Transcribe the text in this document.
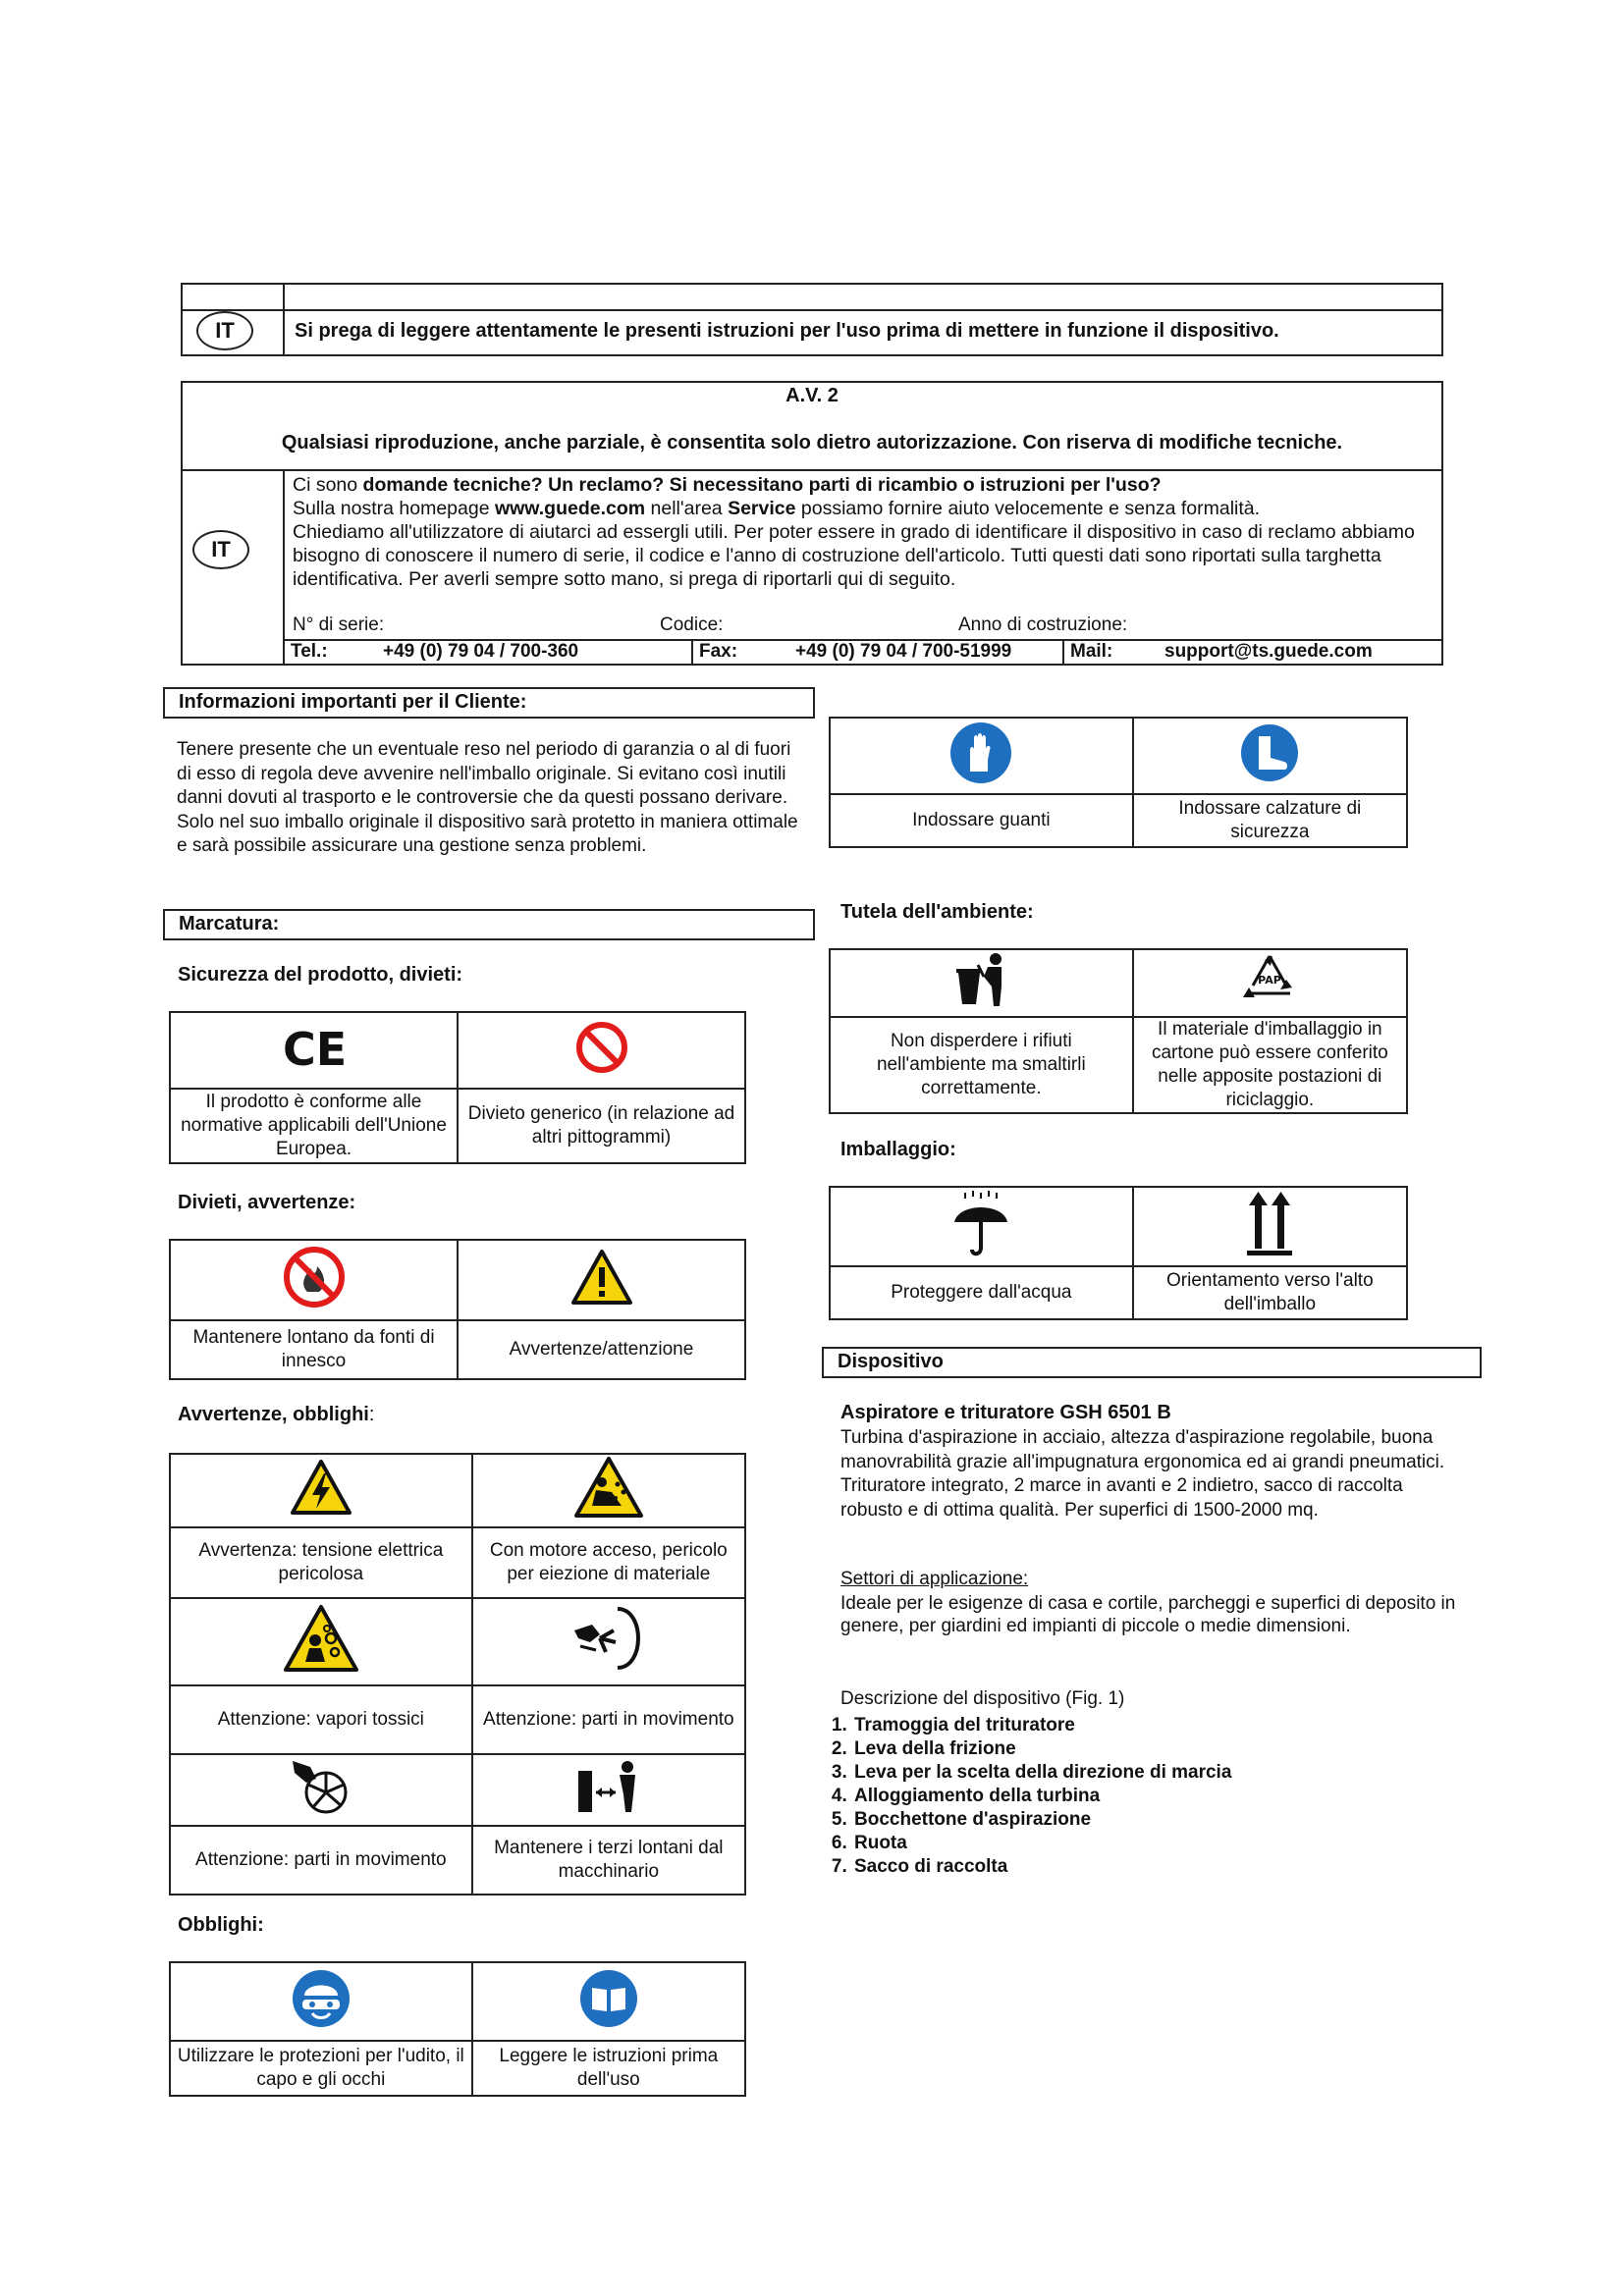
IT	Si prega di leggere attentamente le presenti istruzioni per l'uso prima di mettere in funzione il dispositivo.
A.V. 2
Qualsiasi riproduzione, anche parziale, è consentita solo dietro autorizzazione. Con riserva di modifiche tecniche.
IT
Ci sono domande tecniche? Un reclamo? Si necessitano parti di ricambio o istruzioni per l'uso?
Sulla nostra homepage www.guede.com nell'area Service possiamo fornire aiuto velocemente e senza formalità.
Chiediamo all'utilizzatore di aiutarci ad essergli utili. Per poter essere in grado di identificare il dispositivo in caso di reclamo abbiamo bisogno di conoscere il numero di serie, il codice e l'anno di costruzione dell'articolo. Tutti questi dati sono riportati sulla targhetta identificativa. Per averli sempre sotto mano, si prega di riportarli qui di seguito.
N° di serie:	Codice:	Anno di costruzione:
Tel.:	+49 (0) 79 04 / 700-360	Fax:	+49 (0) 79 04 / 700-51999	Mail:	support@ts.guede.com
Informazioni importanti per il Cliente:
Tenere presente che un eventuale reso nel periodo di garanzia o al di fuori di esso di regola deve avvenire nell'imballo originale. Si evitano così inutili danni dovuti al trasporto e le controversie che da questi possano derivare. Solo nel suo imballo originale il dispositivo sarà protetto in maniera ottimale e sarà possibile assicurare una gestione senza problemi.
Marcatura:
Sicurezza del prodotto, divieti:
CE

Il prodotto è conforme alle normative applicabili dell'Unione Europea.	Divieto generico (in relazione ad altri pittogrammi)
Divieti, avvertenze:

Mantenere lontano da fonti di innesco	Avvertenze/attenzione
Avvertenze, obblighi:

Avvertenza: tensione elettrica pericolosa	Con motore acceso, pericolo per eiezione di materiale

Attenzione: vapori tossici	Attenzione: parti in movimento

Attenzione: parti in movimento	Mantenere i terzi lontani dal macchinario
Obblighi:

Utilizzare le protezioni per l'udito, il capo e gli occhi	Leggere le istruzioni prima dell'uso

Indossare guanti	Indossare calzature di sicurezza
Tutela dell'ambiente:

PAP

Non disperdere i rifiuti nell'ambiente ma smaltirli correttamente.	Il materiale d'imballaggio in cartone può essere conferito nelle apposite postazioni di riciclaggio.
Imballaggio:

Proteggere dall'acqua	Orientamento verso l'alto dell'imballo
Dispositivo
Aspiratore e trituratore GSH 6501 B
Turbina d'aspirazione in acciaio, altezza d'aspirazione regolabile, buona manovrabilità grazie all'impugnatura ergonomica ed ai grandi pneumatici. Trituratore integrato, 2 marce in avanti e 2 indietro, sacco di raccolta robusto e di ottima qualità. Per superfici di 1500-2000 mq.
Settori di applicazione:
Ideale per le esigenze di casa e cortile, parcheggi e superfici di deposito in genere, per giardini ed impianti di piccole o medie dimensioni.
Descrizione del dispositivo (Fig. 1)
1. Tramoggia del trituratore
2. Leva della frizione
3. Leva per la scelta della direzione di marcia
4. Alloggiamento della turbina
5. Bocchettone d'aspirazione
6. Ruota
7. Sacco di raccolta
